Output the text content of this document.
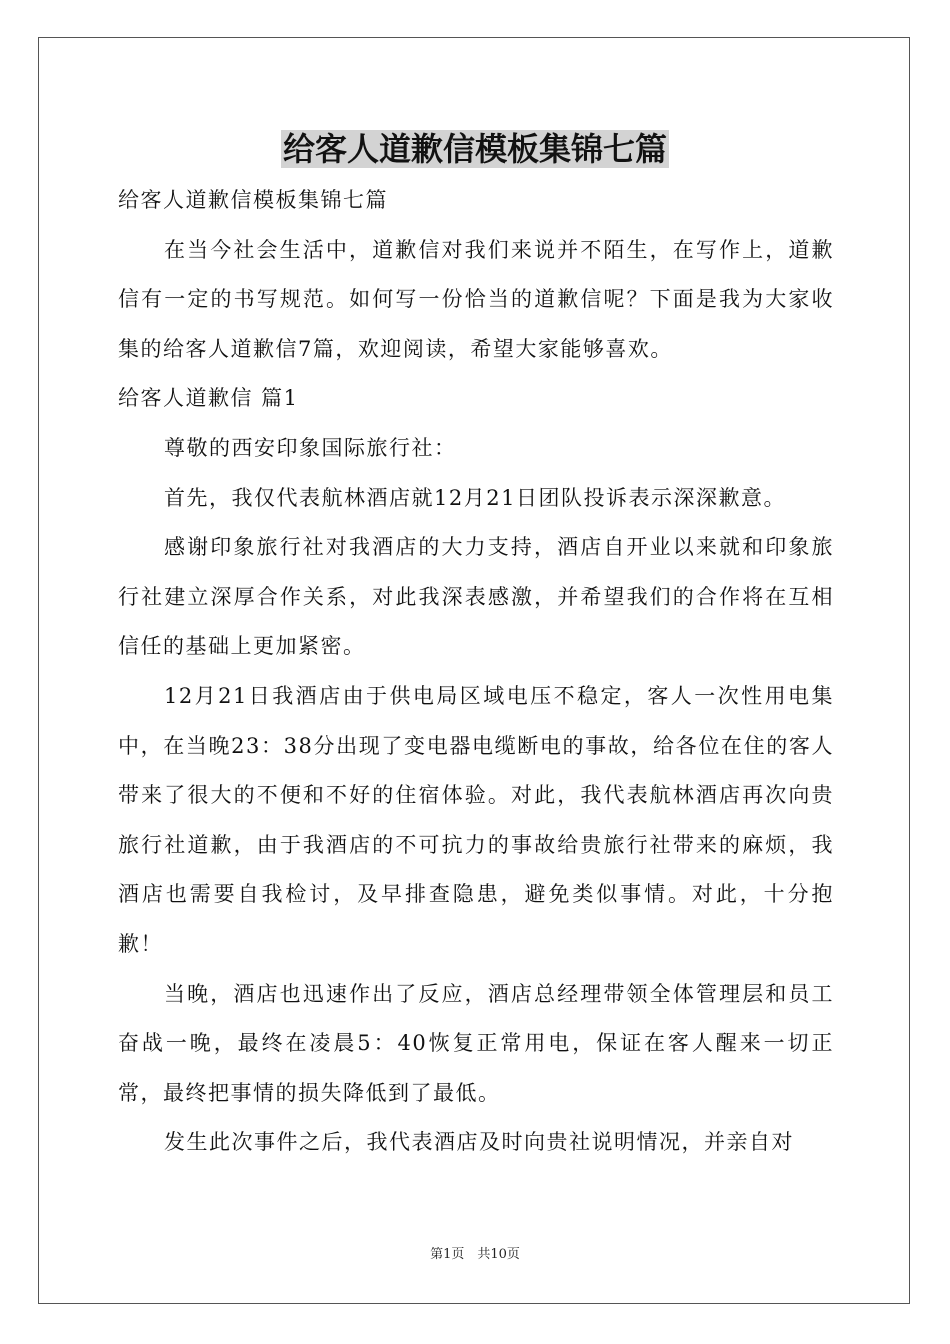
给客人道歉信模板集锦七篇

给客人道歉信模板集锦七篇

在当今社会生活中，道歉信对我们来说并不陌生，在写作上，道歉信有一定的书写规范。如何写一份恰当的道歉信呢？下面是我为大家收集的给客人道歉信7篇，欢迎阅读，希望大家能够喜欢。

给客人道歉信 篇1

尊敬的西安印象国际旅行社：

首先，我仅代表航林酒店就12月21日团队投诉表示深深歉意。

感谢印象旅行社对我酒店的大力支持，酒店自开业以来就和印象旅行社建立深厚合作关系，对此我深表感激，并希望我们的合作将在互相信任的基础上更加紧密。

12月21日我酒店由于供电局区域电压不稳定，客人一次性用电集中，在当晚23：38分出现了变电器电缆断电的事故，给各位在住的客人带来了很大的不便和不好的住宿体验。对此，我代表航林酒店再次向贵旅行社道歉，由于我酒店的不可抗力的事故给贵旅行社带来的麻烦，我酒店也需要自我检讨，及早排查隐患，避免类似事情。对此，十分抱歉！

当晚，酒店也迅速作出了反应，酒店总经理带领全体管理层和员工奋战一晚，最终在凌晨5：40恢复正常用电，保证在客人醒来一切正常，最终把事情的损失降低到了最低。

发生此次事件之后，我代表酒店及时向贵社说明情况，并亲自对

第1页　共10页
